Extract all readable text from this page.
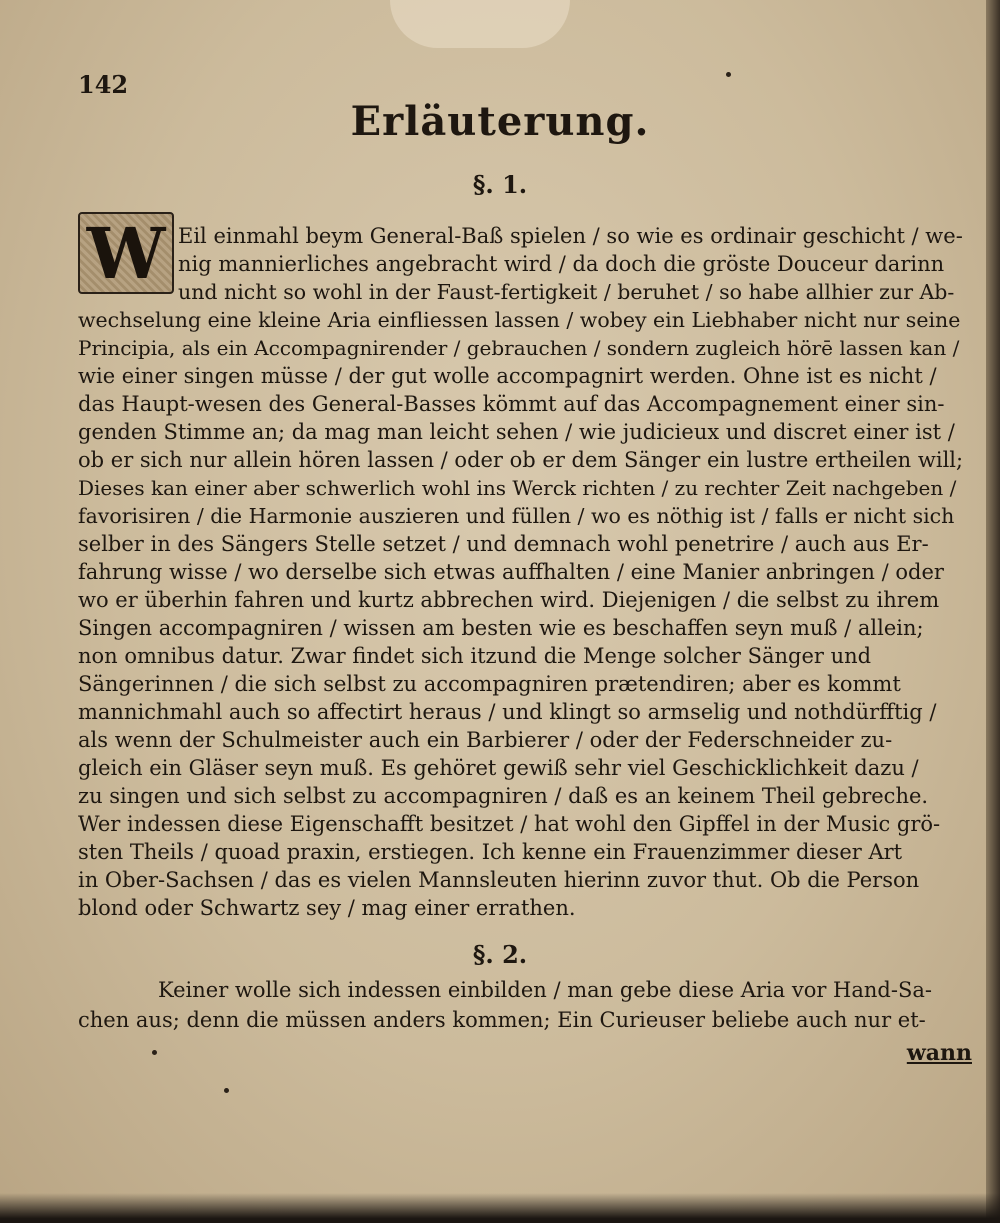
142
Erläuterung.
§. 1.
W Eil einmahl beym General-Baß spielen / so wie es ordinair geschicht / we-
nig mannierliches angebracht wird / da doch die gröste Douceur darinn
und nicht so wohl in der Faust-fertigkeit / beruhet / so habe allhier zur Ab-
wechselung eine kleine Aria einfliessen lassen / wobey ein Liebhaber nicht nur seine
Principia, als ein Accompagnirender / gebrauchen / sondern zugleich hörē lassen kan /
wie einer singen müsse / der gut wolle accompagnirt werden. Ohne ist es nicht /
das Haupt-wesen des General-Basses kömmt auf das Accompagnement einer sin-
genden Stimme an; da mag man leicht sehen / wie judicieux und discret einer ist /
ob er sich nur allein hören lassen / oder ob er dem Sänger ein lustre ertheilen will;
Dieses kan einer aber schwerlich wohl ins Werck richten / zu rechter Zeit nachgeben /
favorisiren / die Harmonie auszieren und füllen / wo es nöthig ist / falls er nicht sich
selber in des Sängers Stelle setzet / und demnach wohl penetrire / auch aus Er-
fahrung wisse / wo derselbe sich etwas auffhalten / eine Manier anbringen / oder
wo er überhin fahren und kurtz abbrechen wird. Diejenigen / die selbst zu ihrem
Singen accompagniren / wissen am besten wie es beschaffen seyn muß / allein;
non omnibus datur. Zwar findet sich itzund die Menge solcher Sänger und
Sängerinnen / die sich selbst zu accompagniren prætendiren; aber es kommt
mannichmahl auch so affectirt heraus / und klingt so armselig und nothdürfftig /
als wenn der Schulmeister auch ein Barbierer / oder der Federschneider zu-
gleich ein Gläser seyn muß. Es gehöret gewiß sehr viel Geschicklichkeit dazu /
zu singen und sich selbst zu accompagniren / daß es an keinem Theil gebreche.
Wer indessen diese Eigenschafft besitzet / hat wohl den Gipffel in der Music grö-
sten Theils / quoad praxin, erstiegen. Ich kenne ein Frauenzimmer dieser Art
in Ober-Sachsen / das es vielen Mannsleuten hierinn zuvor thut. Ob die Person
blond oder Schwartz sey / mag einer errathen.
§. 2.
Keiner wolle sich indessen einbilden / man gebe diese Aria vor Hand-Sa-
chen aus; denn die müssen anders kommen; Ein Curieuser beliebe auch nur et-
wann
